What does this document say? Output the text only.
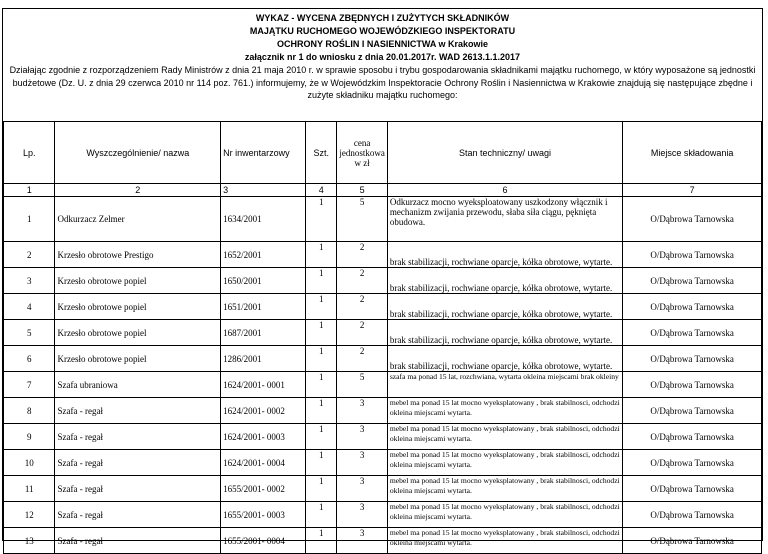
WYKAZ - WYCENA ZBĘDNYCH I ZUŻYTYCH SKŁADNIKÓW
MAJĄTKU RUCHOMEGO WOJEWÓDZKIEGO INSPEKTORATU
OCHRONY ROŚLIN I NASIENNICTWA w Krakowie
załącznik nr 1 do wniosku z dnia 20.01.2017r. WAD 2613.1.1.2017
Działając zgodnie z rozporządzeniem Rady Ministrów z dnia 21 maja 2010 r. w sprawie sposobu i trybu gospodarowania składnikami majątku ruchomego, w który wyposażone są jednostki budżetowe (Dz. U. z dnia 29 czerwca 2010 nr 114 poz. 761.) informujemy, że w Wojewódzkim Inspektoracie Ochrony Roślin i Nasiennictwa w Krakowie znajdują się następujące zbędne i zużyte składniku majątku ruchomego:
Lp.	Wyszczególnienie/ nazwa	Nr inwentarzowy	Szt.	cena jednostkowa w zł	Stan techniczny/ uwagi	Miejsce składowania
1	2	3	4	5	6	7
1	Odkurzacz Zelmer	1634/2001	1	5	Odkurzacz mocno wyeksploatowany uszkodzony włącznik i mechanizm zwijania przewodu, słaba siła ciągu, pęknięta obudowa.	O/Dąbrowa Tarnowska
2	Krzesło obrotowe Prestigo	1652/2001	1	2	brak stabilizacji, rochwiane oparcje, kółka obrotowe, wytarte.	O/Dąbrowa Tarnowska
3	Krzesło obrotowe popiel	1650/2001	1	2	brak stabilizacji, rochwiane oparcje, kółka obrotowe, wytarte.	O/Dąbrowa Tarnowska
4	Krzesło obrotowe popiel	1651/2001	1	2	brak stabilizacji, rochwiane oparcje, kółka obrotowe, wytarte.	O/Dąbrowa Tarnowska
5	Krzesło obrotowe popiel	1687/2001	1	2	brak stabilizacji, rochwiane oparcje, kółka obrotowe, wytarte.	O/Dąbrowa Tarnowska
6	Krzesło obrotowe popiel	1286/2001	1	2	brak stabilizacji, rochwiane oparcje, kółka obrotowe, wytarte.	O/Dąbrowa Tarnowska
7	Szafa ubraniowa	1624/2001- 0001	1	5	szafa ma ponad 15 lat, rozchwiana, wytarta okleina miejscami brak okleiny	O/Dąbrowa Tarnowska
8	Szafa - regał	1624/2001- 0002	1	3	mebel ma ponad 15 lat mocno wyeksplatowany , brak stabilnosci, odchodzi okleina miejscami wytarta.	O/Dąbrowa Tarnowska
9	Szafa - regał	1624/2001- 0003	1	3	mebel ma ponad 15 lat mocno wyeksplatowany , brak stabilnosci, odchodzi okleina miejscami wytarta.	O/Dąbrowa Tarnowska
10	Szafa - regał	1624/2001- 0004	1	3	mebel ma ponad 15 lat mocno wyeksplatowany , brak stabilnosci, odchodzi okleina miejscami wytarta.	O/Dąbrowa Tarnowska
11	Szafa - regał	1655/2001- 0002	1	3	mebel ma ponad 15 lat mocno wyeksplatowany , brak stabilnosci, odchodzi okleina miejscami wytarta.	O/Dąbrowa Tarnowska
12	Szafa - regał	1655/2001- 0003	1	3	mebel ma ponad 15 lat mocno wyeksplatowany , brak stabilnosci, odchodzi okleina miejscami wytarta.	O/Dąbrowa Tarnowska
13	Szafa - regał	1655/2001- 0004	1	3	mebel ma ponad 15 lat mocno wyeksplatowany , brak stabilnosci, odchodzi okleina miejscami wytarta.	O/Dąbrowa Tarnowska
